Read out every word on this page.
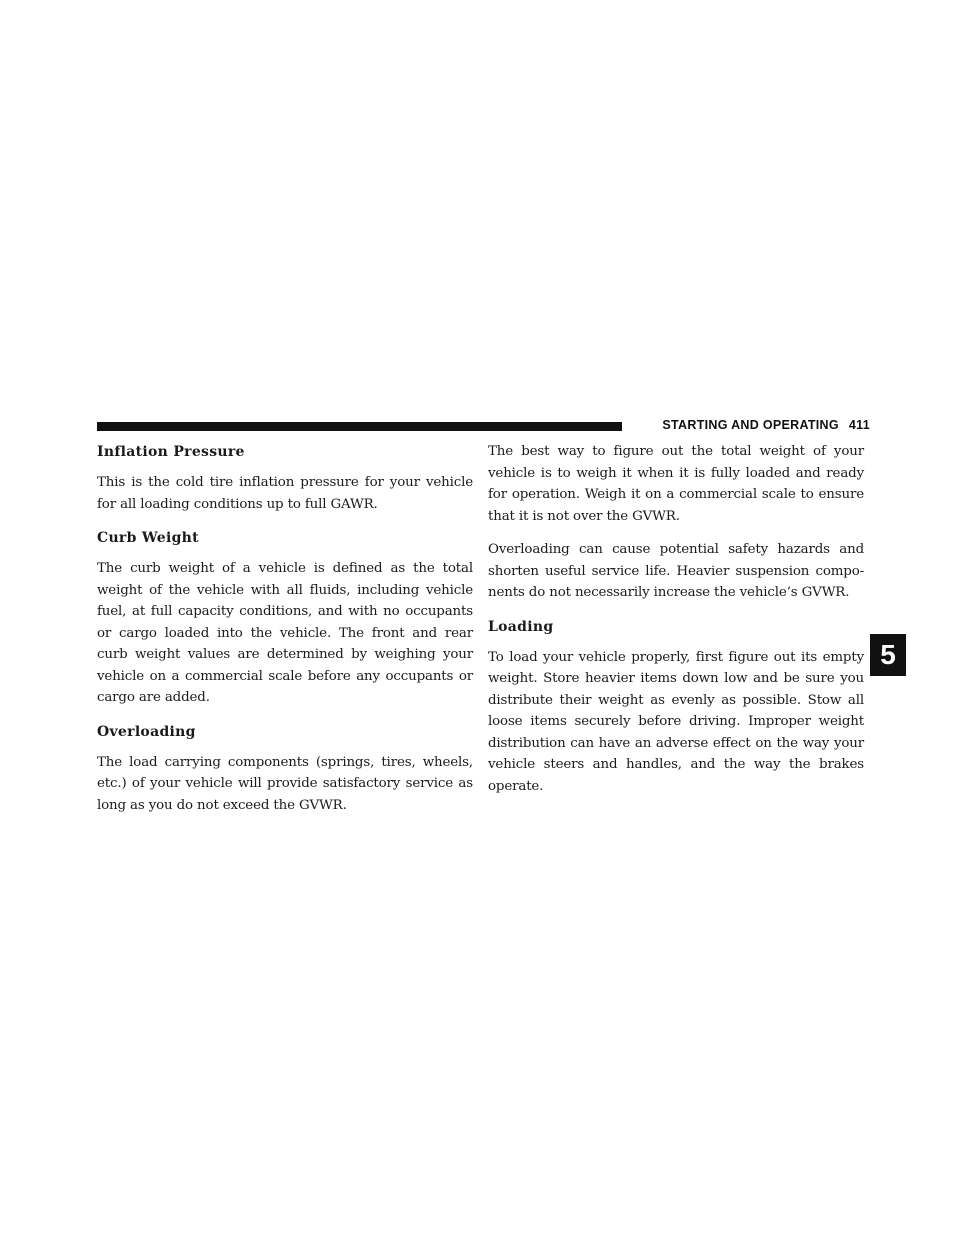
STARTING AND OPERATING 411
Inflation Pressure

This is the cold tire inflation pressure for your vehicle for all loading conditions up to full GAWR.

Curb Weight

The curb weight of a vehicle is defined as the total weight of the vehicle with all fluids, including vehicle fuel, at full capacity conditions, and with no occupants or cargo loaded into the vehicle. The front and rear curb weight values are determined by weighing your vehicle on a commercial scale before any occupants or cargo are added.

Overloading

The load carrying components (springs, tires, wheels, etc.) of your vehicle will provide satisfactory service as long as you do not exceed the GVWR.

The best way to figure out the total weight of your vehicle is to weigh it when it is fully loaded and ready for operation. Weigh it on a commercial scale to ensure that it is not over the GVWR.

Overloading can cause potential safety hazards and shorten useful service life. Heavier suspension compo- nents do not necessarily increase the vehicle’s GVWR.

Loading

To load your vehicle properly, first figure out its empty weight. Store heavier items down low and be sure you distribute their weight as evenly as possible. Stow all loose items securely before driving. Improper weight distribution can have an adverse effect on the way your vehicle steers and handles, and the way the brakes operate.

5
